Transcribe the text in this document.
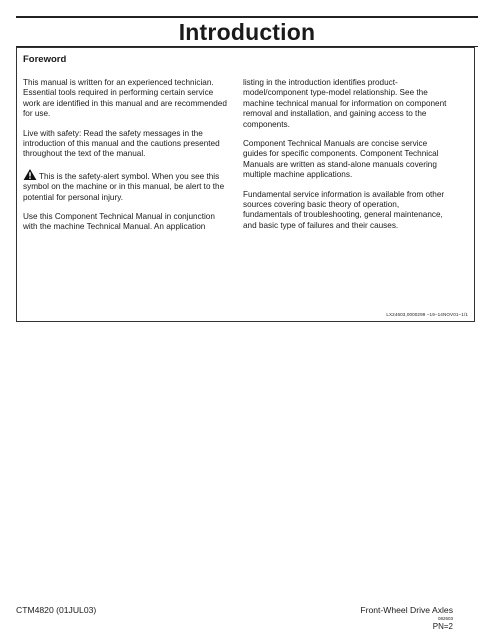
Introduction
Foreword

This manual is written for an experienced technician. Essential tools required in performing certain service work are identified in this manual and are recommended for use.

Live with safety: Read the safety messages in the introduction of this manual and the cautions presented throughout the text of the manual.

This is the safety-alert symbol. When you see this symbol on the machine or in this manual, be alert to the potential for personal injury.

Use this Component Technical Manual in conjunction with the machine Technical Manual. An application

listing in the introduction identifies product-model/component type-model relationship. See the machine technical manual for information on component removal and installation, and gaining access to the components.

Component Technical Manuals are concise service guides for specific components. Component Technical Manuals are written as stand-alone manuals covering multiple machine applications.

Fundamental service information is available from other sources covering basic theory of operation, fundamentals of troubleshooting, general maintenance, and basic type of failures and their causes.

LX24603,0000299 −19−14NOV01−1/1
CTM4820 (01JUL03)	Front-Wheel Drive Axles
082603
PN=2
